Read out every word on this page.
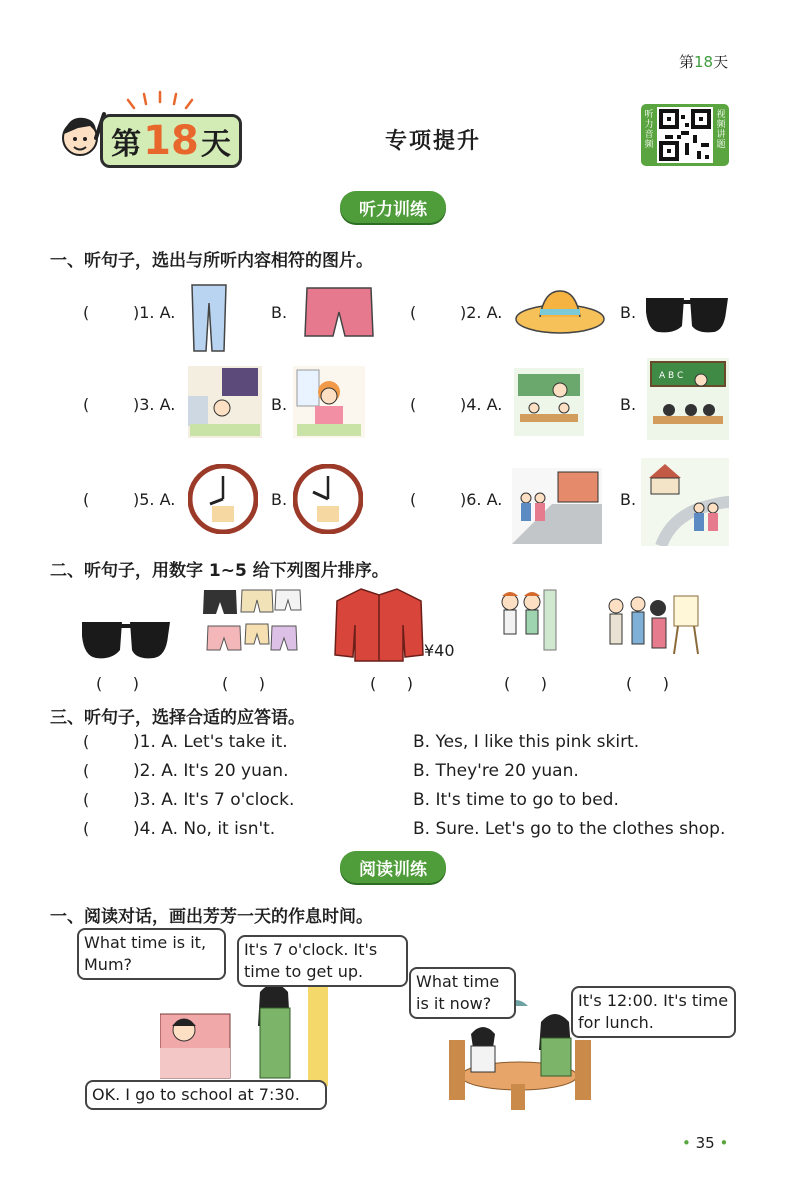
第18天
第 18 天	专项提升
听力音频
视频讲题
听力训练
一、听句子，选出与所听内容相符的图片。
(	)1. A.	B.	(	)2. A.	B.
(	)3. A.	B.	(	)4. A.	B.
A B C
(	)5. A.	B.	(	)6. A.	B.
二、听句子，用数字 1~5 给下列图片排序。
¥40
(      )	(      )	(      )	(      )	(      )
三、听句子，选择合适的应答语。
(	)1. A. Let's take it.	B. Yes, I like this pink skirt.
(	)2. A. It's 20 yuan.	B. They're 20 yuan.
(	)3. A. It's 7 o'clock.	B. It's time to go to bed.
(	)4. A. No, it isn't.	B. Sure. Let's go to the clothes shop.
阅读训练
一、阅读对话，画出芳芳一天的作息时间。
What time is it, Mum?
It's 7 o'clock. It's time to get up.
OK. I go to school at 7:30.
What time is it now?	It's 12:00. It's time for lunch.
• 35 •
